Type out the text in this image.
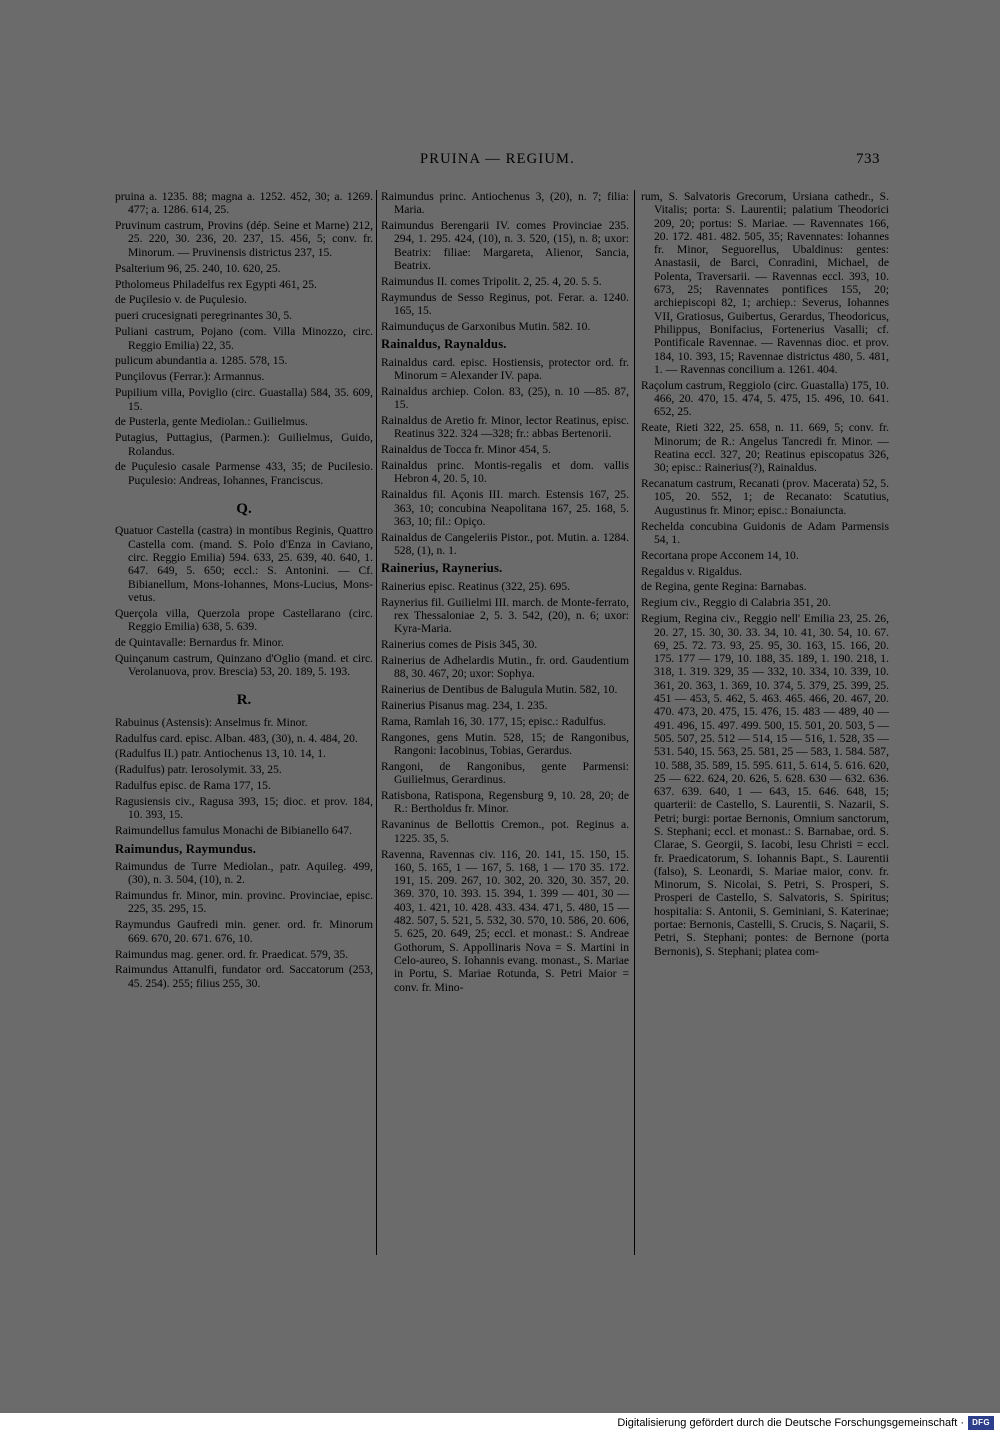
PRUINA — REGIUM.	733
pruina a. 1235. 88; magna a. 1252. 452, 30; a. 1269. 477; a. 1286. 614, 25.
Pruvinum castrum, Provins (dép. Seine et Marne) 212, 25. 220, 30. 236, 20. 237, 15. 456, 5; conv. fr. Minorum. — Pruvinensis districtus 237, 15.
Psalterium 96, 25. 240, 10. 620, 25.
Ptholomeus Philadelfus rex Egypti 461, 25.
de Puçilesio v. de Puçulesio.
pueri crucesignati peregrinantes 30, 5.
Puliani castrum, Pojano (com. Villa Minozzo, circ. Reggio Emilia) 22, 35.
pulicum abundantia a. 1285. 578, 15.
Punçilovus (Ferrar.): Armannus.
Pupilium villa, Poviglio (circ. Guastalla) 584, 35. 609, 15.
de Pusterla, gente Mediolan.: Guilielmus.
Putagius, Puttagius, (Parmen.): Guilielmus, Guido, Rolandus.
de Puçulesio casale Parmense 433, 35; de Pucilesio. Puçulesio: Andreas, Iohannes, Franciscus.
Q.
Quatuor Castella (castra) in montibus Reginis, Quattro Castella com. (mand. S. Polo d'Enza in Caviano, circ. Reggio Emilia) 594. 633, 25. 639, 40. 640, 1. 647. 649, 5. 650; eccl.: S. Antonini. — Cf. Bibianellum, Mons-Iohannes, Mons-Lucius, Mons-vetus.
Querçola villa, Querzola prope Castellarano (circ. Reggio Emilia) 638, 5. 639.
de Quintavalle: Bernardus fr. Minor.
Quinçanum castrum, Quinzano d'Oglio (mand. et circ. Verolanuova, prov. Brescia) 53, 20. 189, 5. 193.
R.
Rabuinus (Astensis): Anselmus fr. Minor.
Radulfus card. episc. Alban. 483, (30), n. 4. 484, 20.
(Radulfus II.) patr. Antiochenus 13, 10. 14, 1.
(Radulfus) patr. Ierosolymit. 33, 25.
Radulfus episc. de Rama 177, 15.
Ragusiensis civ., Ragusa 393, 15; dioc. et prov. 184, 10. 393, 15.
Raimundellus famulus Monachi de Bibianello 647.
Raimundus, Raymundus.
Raimundus de Turre Mediolan., patr. Aquileg. 499, (30), n. 3. 504, (10), n. 2.
Raimundus fr. Minor, min. provinc. Provinciae, episc. 225, 35. 295, 15.
Raymundus Gaufredi min. gener. ord. fr. Minorum 669. 670, 20. 671. 676, 10.
Raimundus mag. gener. ord. fr. Praedicat. 579, 35.
Raimundus Attanulfi, fundator ord. Saccatorum (253, 45. 254). 255; filius 255, 30.
Raimundus princ. Antiochenus 3, (20), n. 7; filia: Maria.
Raimundus Berengarii IV. comes Provinciae 235. 294, 1. 295. 424, (10), n. 3. 520, (15), n. 8; uxor: Beatrix: filiae: Margareta, Alienor, Sancia, Beatrix.
Raimundus II. comes Tripolit. 2, 25. 4, 20. 5. 5.
Raymundus de Sesso Reginus, pot. Ferar. a. 1240. 165, 15.
Raimunduçus de Garxonibus Mutin. 582. 10.
Rainaldus, Raynaldus.
Rainaldus card. episc. Hostiensis, protector ord. fr. Minorum = Alexander IV. papa.
Rainaldus archiep. Colon. 83, (25), n. 10 —85. 87, 15.
Rainaldus de Aretio fr. Minor, lector Reatinus, episc. Reatinus 322. 324 —328; fr.: abbas Bertenorii.
Rainaldus de Tocca fr. Minor 454, 5.
Rainaldus princ. Montis-regalis et dom. vallis Hebron 4, 20. 5, 10.
Rainaldus fil. Açonis III. march. Estensis 167, 25. 363, 10; concubina Neapolitana 167, 25. 168, 5. 363, 10; fil.: Opiço.
Rainaldus de Cangeleriis Pistor., pot. Mutin. a. 1284. 528, (1), n. 1.
Rainerius, Raynerius.
Rainerius episc. Reatinus (322, 25). 695.
Raynerius fil. Guilielmi III. march. de Monte-ferrato, rex Thessaloniae 2, 5. 3. 542, (20), n. 6; uxor: Kyra-Maria.
Rainerius comes de Pisis 345, 30.
Rainerius de Adhelardis Mutin., fr. ord. Gaudentium 88, 30. 467, 20; uxor: Sophya.
Rainerius de Dentibus de Balugula Mutin. 582, 10.
Rainerius Pisanus mag. 234, 1. 235.
Rama, Ramlah 16, 30. 177, 15; episc.: Radulfus.
Rangones, gens Mutin. 528, 15; de Rangonibus, Rangoni: Iacobinus, Tobias, Gerardus.
Rangoni, de Rangonibus, gente Parmensi: Guilielmus, Gerardinus.
Ratisbona, Ratispona, Regensburg 9, 10. 28, 20; de R.: Bertholdus fr. Minor.
Ravaninus de Bellottis Cremon., pot. Reginus a. 1225. 35, 5.
Ravenna, Ravennas civ. 116, 20. 141, 15. 150, 15. 160, 5. 165, 1 — 167, 5. 168, 1 — 170 35. 172. 191, 15. 209. 267, 10. 302, 20. 320, 30. 357, 20. 369. 370, 10. 393. 15. 394, 1. 399 — 401, 30 — 403, 1. 421, 10. 428. 433. 434. 471, 5. 480, 15 — 482. 507, 5. 521, 5. 532, 30. 570, 10. 586, 20. 606, 5. 625, 20. 649, 25; eccl. et monast.: S. Andreae Gothorum, S. Appollinaris Nova = S. Martini in Celo-aureo, S. Iohannis evang. monast., S. Mariae in Portu, S. Mariae Rotunda, S. Petri Maior = conv. fr. Mino-
rum, S. Salvatoris Grecorum, Ursiana cathedr., S. Vitalis; porta: S. Laurentii; palatium Theodorici 209, 20; portus: S. Mariae. — Ravennates 166, 20. 172. 481. 482. 505, 35; Ravennates: Iohannes fr. Minor, Seguorellus, Ubaldinus: gentes: Anastasii, de Barci, Conradini, Michael, de Polenta, Traversarii. — Ravennas eccl. 393, 10. 673, 25; Ravennates pontifices 155, 20; archiepiscopi 82, 1; archiep.: Severus, Iohannes VII, Gratiosus, Guibertus, Gerardus, Theodoricus, Philippus, Bonifacius, Fortenerius Vasalli; cf. Pontificale Ravennae. — Ravennas dioc. et prov. 184, 10. 393, 15; Ravennae districtus 480, 5. 481, 1. — Ravennas concilium a. 1261. 404.
Raçolum castrum, Reggiolo (circ. Guastalla) 175, 10. 466, 20. 470, 15. 474, 5. 475, 15. 496, 10. 641. 652, 25.
Reate, Rieti 322, 25. 658, n. 11. 669, 5; conv. fr. Minorum; de R.: Angelus Tancredi fr. Minor. — Reatina eccl. 327, 20; Reatinus episcopatus 326, 30; episc.: Rainerius(?), Rainaldus.
Recanatum castrum, Recanati (prov. Macerata) 52, 5. 105, 20. 552, 1; de Recanato: Scatutius, Augustinus fr. Minor; episc.: Bonaiuncta.
Rechelda concubina Guidonis de Adam Parmensis 54, 1.
Recortana prope Acconem 14, 10.
Regaldus v. Rigaldus.
de Regina, gente Regina: Barnabas.
Regium civ., Reggio di Calabria 351, 20.
Regium, Regina civ., Reggio nell' Emilia 23, 25. 26, 20. 27, 15. 30, 30. 33. 34, 10. 41, 30. 54, 10. 67. 69, 25. 72. 73. 93, 25. 95, 30. 163, 15. 166, 20. 175. 177 — 179, 10. 188, 35. 189, 1. 190. 218, 1. 318, 1. 319. 329, 35 — 332, 10. 334, 10. 339, 10. 361, 20. 363, 1. 369, 10. 374, 5. 379, 25. 399, 25. 451 — 453, 5. 462, 5. 463. 465. 466, 20. 467, 20. 470. 473, 20. 475, 15. 476, 15. 483 — 489, 40 — 491. 496, 15. 497. 499. 500, 15. 501, 20. 503, 5 — 505. 507, 25. 512 — 514, 15 — 516, 1. 528, 35 — 531. 540, 15. 563, 25. 581, 25 — 583, 1. 584. 587, 10. 588, 35. 589, 15. 595. 611, 5. 614, 5. 616. 620, 25 — 622. 624, 20. 626, 5. 628. 630 — 632. 636. 637. 639. 640, 1 — 643, 15. 646. 648, 15; quarterii: de Castello, S. Laurentii, S. Nazarii, S. Petri; burgi: portae Bernonis, Omnium sanctorum, S. Stephani; eccl. et monast.: S. Barnabae, ord. S. Clarae, S. Georgii, S. Iacobi, Iesu Christi = eccl. fr. Praedicatorum, S. Iohannis Bapt., S. Laurentii (falso), S. Leonardi, S. Mariae maior, conv. fr. Minorum, S. Nicolai, S. Petri, S. Prosperi, S. Prosperi de Castello, S. Salvatoris, S. Spiritus; hospitalia: S. Antonii, S. Geminiani, S. Katerinae; portae: Bernonis, Castelli, S. Crucis, S. Naçarii, S. Petri, S. Stephani; pontes: de Bernone (porta Bernonis), S. Stephani; platea com-
Digitalisierung gefördert durch die Deutsche Forschungsgemeinschaft ·	DFG
